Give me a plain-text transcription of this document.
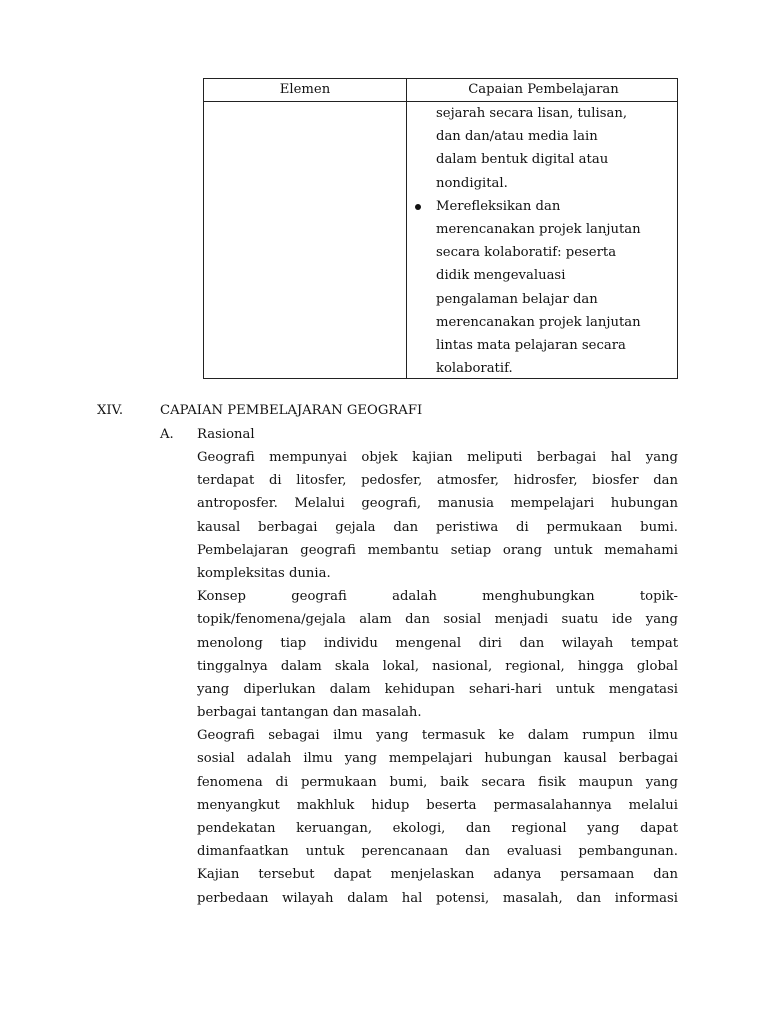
Elemen	Capaian Pembelajaran
sejarah secara lisan, tulisan,
dan dan/atau media lain
dalam bentuk digital atau
nondigital.
Merefleksikan dan
merencanakan projek lanjutan
secara kolaboratif: peserta
didik mengevaluasi
pengalaman belajar dan
merencanakan projek lanjutan
lintas mata pelajaran secara
kolaboratif.
XIV.	CAPAIAN PEMBELAJARAN GEOGRAFI
A. Rasional
Geografi mempunyai objek kajian meliputi berbagai hal yang
terdapat di litosfer, pedosfer, atmosfer, hidrosfer, biosfer dan
antroposfer. Melalui geografi, manusia mempelajari hubungan
kausal berbagai gejala dan peristiwa di permukaan bumi.
Pembelajaran geografi membantu setiap orang untuk memahami
kompleksitas dunia.
Konsep geografi adalah menghubungkan topik-
topik/fenomena/gejala alam dan sosial menjadi suatu ide yang
menolong tiap individu mengenal diri dan wilayah tempat
tinggalnya dalam skala lokal, nasional, regional, hingga global
yang diperlukan dalam kehidupan sehari-hari untuk mengatasi
berbagai tantangan dan masalah.
Geografi sebagai ilmu yang termasuk ke dalam rumpun ilmu
sosial adalah ilmu yang mempelajari hubungan kausal berbagai
fenomena di permukaan bumi, baik secara fisik maupun yang
menyangkut makhluk hidup beserta permasalahannya melalui
pendekatan keruangan, ekologi, dan regional yang dapat
dimanfaatkan untuk perencanaan dan evaluasi pembangunan.
Kajian tersebut dapat menjelaskan adanya persamaan dan
perbedaan wilayah dalam hal potensi, masalah, dan informasi
